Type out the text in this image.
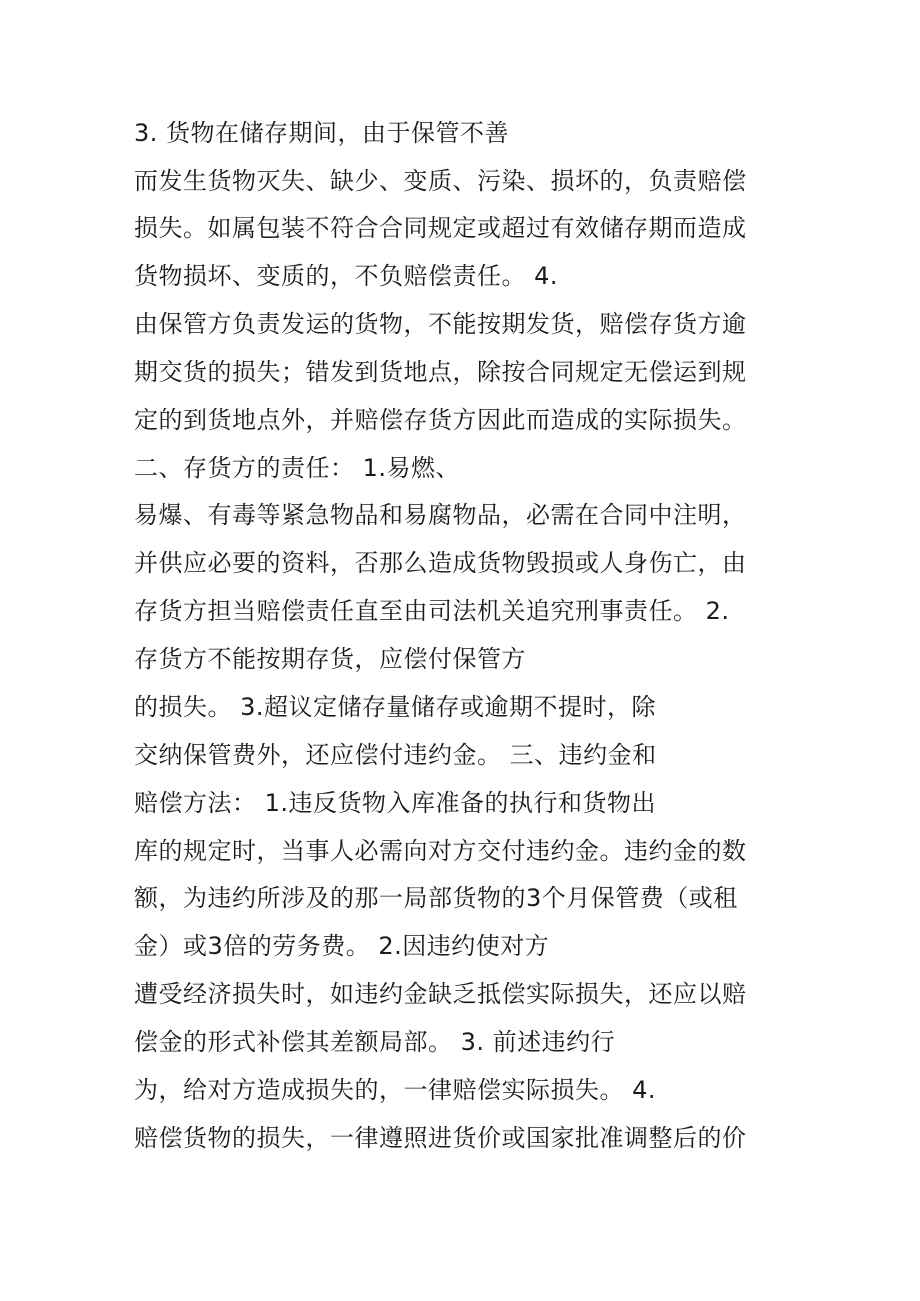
3. 货物在储存期间，由于保管不善
而发生货物灭失、缺少、变质、污染、损坏的，负责赔偿
损失。如属包装不符合合同规定或超过有效储存期而造成
货物损坏、变质的，不负赔偿责任。 4.
由保管方负责发运的货物，不能按期发货，赔偿存货方逾
期交货的损失；错发到货地点，除按合同规定无偿运到规
定的到货地点外，并赔偿存货方因此而造成的实际损失。
二、存货方的责任： 1.易燃、
易爆、有毒等紧急物品和易腐物品，必需在合同中注明，
并供应必要的资料，否那么造成货物毁损或人身伤亡，由
存货方担当赔偿责任直至由司法机关追究刑事责任。 2.
存货方不能按期存货，应偿付保管方
的损失。 3.超议定储存量储存或逾期不提时，除
交纳保管费外，还应偿付违约金。 三、违约金和
赔偿方法： 1.违反货物入库准备的执行和货物出
库的规定时，当事人必需向对方交付违约金。违约金的数
额，为违约所涉及的那一局部货物的3个月保管费（或租
金）或3倍的劳务费。 2.因违约使对方
遭受经济损失时，如违约金缺乏抵偿实际损失，还应以赔
偿金的形式补偿其差额局部。 3. 前述违约行
为，给对方造成损失的，一律赔偿实际损失。 4.
赔偿货物的损失，一律遵照进货价或国家批准调整后的价
